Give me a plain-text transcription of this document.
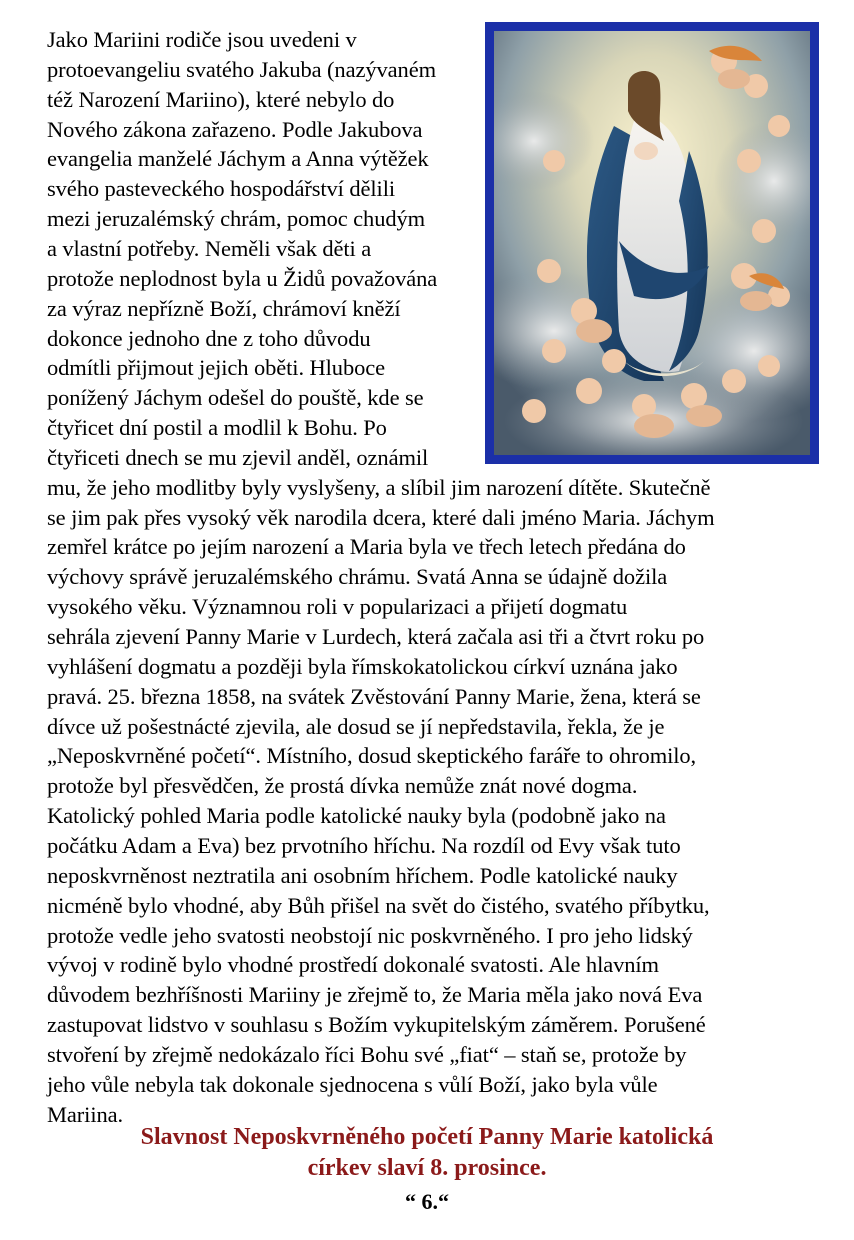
Jako Mariini rodiče jsou uvedeni v
protoevangeliu svatého Jakuba (nazývaném
též Narození Mariino), které nebylo do
Nového zákona zařazeno. Podle Jakubova
evangelia manželé Jáchym a Anna výtěžek
svého pasteveckého hospodářství dělili
mezi jeruzalémský chrám, pomoc chudým
a vlastní potřeby. Neměli však děti a
protože neplodnost byla u Židů považována
za výraz nepřízně Boží, chrámoví kněží
dokonce jednoho dne z toho důvodu
odmítli přijmout jejich oběti. Hluboce
ponížený Jáchym odešel do pouště, kde se
čtyřicet dní postil a modlil k Bohu. Po
čtyřiceti dnech se mu zjevil anděl, oznámil
mu, že jeho modlitby byly vyslyšeny, a slíbil jim narození dítěte. Skutečně
se jim pak přes vysoký věk narodila dcera, které dali jméno Maria. Jáchym
zemřel krátce po jejím narození a Maria byla ve třech letech předána do
výchovy správě jeruzalémského chrámu. Svatá Anna se údajně dožila
vysokého věku. Významnou roli v popularizaci a přijetí dogmatu
sehrála zjevení Panny Marie v Lurdech, která začala asi tři a čtvrt roku po
vyhlášení dogmatu a později byla římskokatolickou církví uznána jako
pravá. 25. března 1858, na svátek Zvěstování Panny Marie, žena, která se
dívce už pošestnácté zjevila, ale dosud se jí nepředstavila, řekla, že je
„Neposkvrněné početí“. Místního, dosud skeptického faráře to ohromilo,
protože byl přesvědčen, že prostá dívka nemůže znát nové dogma.
Katolický pohled Maria podle katolické nauky byla (podobně jako na
počátku Adam a Eva) bez prvotního hříchu. Na rozdíl od Evy však tuto
neposkvrněnost neztratila ani osobním hříchem. Podle katolické nauky
nicméně bylo vhodné, aby Bůh přišel na svět do čistého, svatého příbytku,
protože vedle jeho svatosti neobstojí nic poskvrněného. I pro jeho lidský
vývoj v rodině bylo vhodné prostředí dokonalé svatosti. Ale hlavním
důvodem bezhříšnosti Mariiny je zřejmě to, že Maria měla jako nová Eva
zastupovat lidstvo v souhlasu s Božím vykupitelským záměrem. Porušené
stvoření by zřejmě nedokázalo říci Bohu své „fiat“ – staň se, protože by
jeho vůle nebyla tak dokonale sjednocena s vůlí Boží, jako byla vůle
Mariina.
Slavnost Neposkvrněného početí Panny Marie katolická
církev slaví 8. prosince.
“ 6.“
